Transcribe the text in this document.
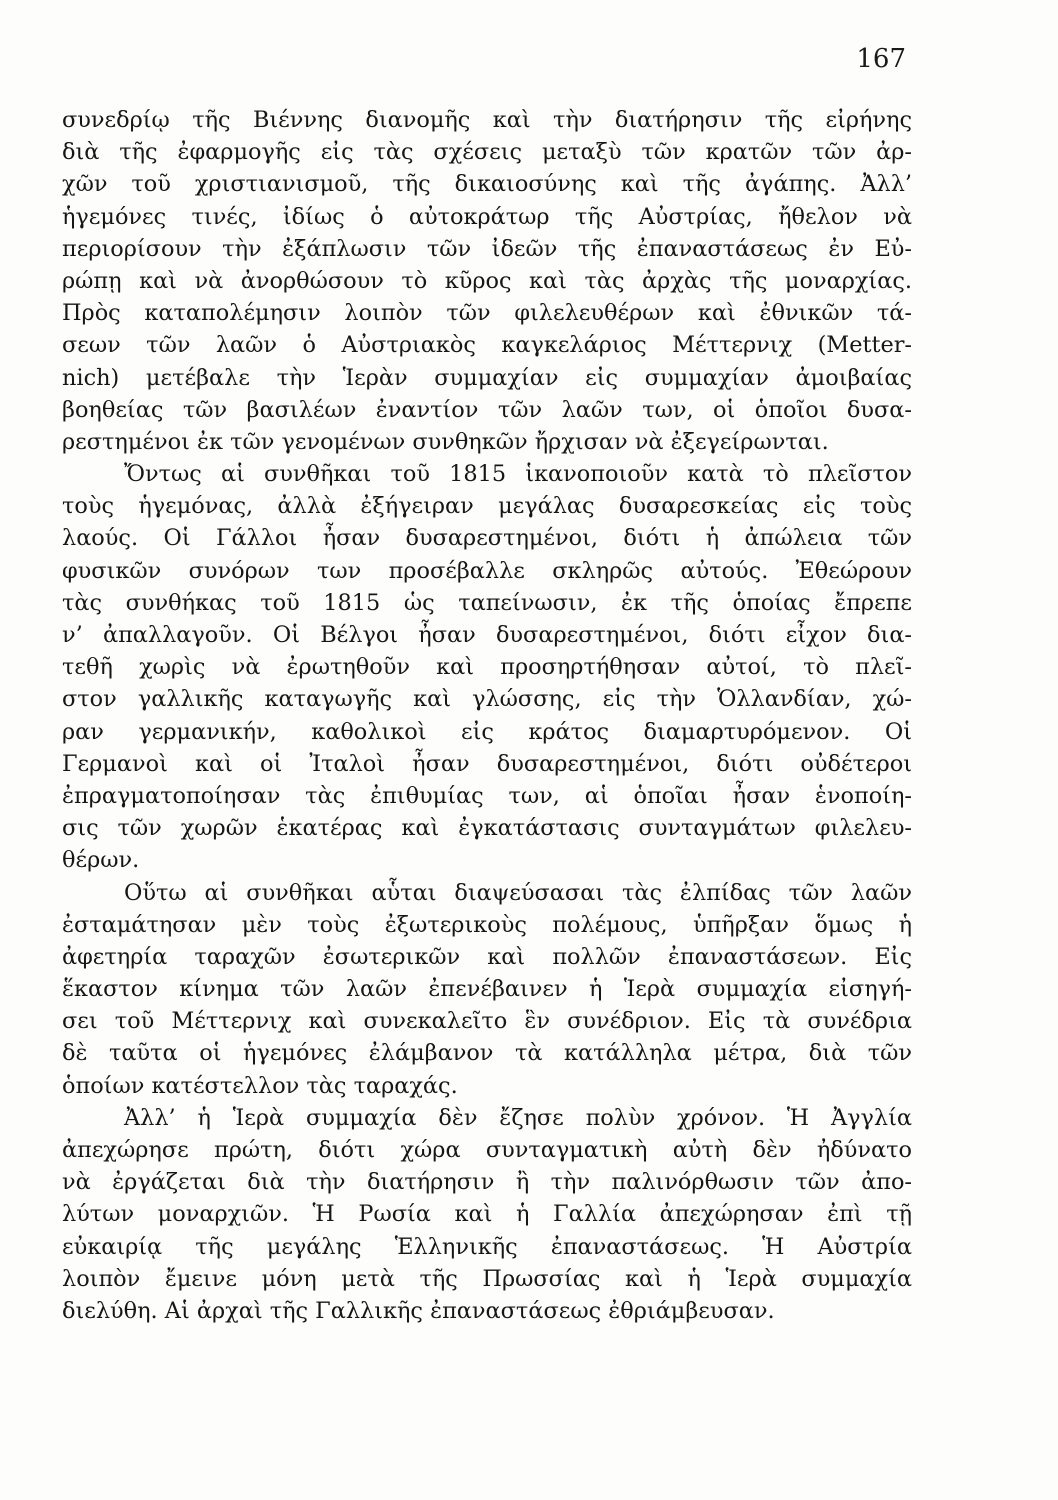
167
συνεδρίῳ τῆς Βιέννης διανομῆς καὶ τὴν διατήρησιν τῆς εἰρήνης
διὰ τῆς ἐφαρμογῆς εἰς τὰς σχέσεις μεταξὺ τῶν κρατῶν τῶν ἀρ-
χῶν τοῦ χριστιανισμοῦ, τῆς δικαιοσύνης καὶ τῆς ἀγάπης. Ἀλλ’
ἡγεμόνες τινές, ἰδίως ὁ αὐτοκράτωρ τῆς Αὐστρίας, ἤθελον νὰ
περιορίσουν τὴν ἐξάπλωσιν τῶν ἰδεῶν τῆς ἐπαναστάσεως ἐν Εὐ-
ρώπῃ καὶ νὰ ἀνορθώσουν τὸ κῦρος καὶ τὰς ἀρχὰς τῆς μοναρχίας.
Πρὸς καταπολέμησιν λοιπὸν τῶν φιλελευθέρων καὶ ἐθνικῶν τά-
σεων τῶν λαῶν ὁ Αὐστριακὸς καγκελάριος Μέττερνιχ (Metter-
nich) μετέβαλε τὴν Ἱερὰν συμμαχίαν εἰς συμμαχίαν ἀμοιβαίας
βοηθείας τῶν βασιλέων ἐναντίον τῶν λαῶν των, οἱ ὁποῖοι δυσα-
ρεστημένοι ἐκ τῶν γενομένων συνθηκῶν ἤρχισαν νὰ ἐξεγείρωνται.
Ὄντως αἱ συνθῆκαι τοῦ 1815 ἱκανοποιοῦν κατὰ τὸ πλεῖστον
τοὺς ἡγεμόνας, ἀλλὰ ἐξήγειραν μεγάλας δυσαρεσκείας εἰς τοὺς
λαούς. Οἱ Γάλλοι ἦσαν δυσαρεστημένοι, διότι ἡ ἀπώλεια τῶν
φυσικῶν συνόρων των προσέβαλλε σκληρῶς αὐτούς. Ἐθεώρουν
τὰς συνθήκας τοῦ 1815 ὡς ταπείνωσιν, ἐκ τῆς ὁποίας ἔπρεπε
ν’ ἀπαλλαγοῦν. Οἱ Βέλγοι ἦσαν δυσαρεστημένοι, διότι εἶχον δια-
τεθῆ χωρὶς νὰ ἐρωτηθοῦν καὶ προσηρτήθησαν αὐτοί, τὸ πλεῖ-
στον γαλλικῆς καταγωγῆς καὶ γλώσσης, εἰς τὴν Ὁλλανδίαν, χώ-
ραν γερμανικήν, καθολικοὶ εἰς κράτος διαμαρτυρόμενον. Οἱ
Γερμανοὶ καὶ οἱ Ἰταλοὶ ἦσαν δυσαρεστημένοι, διότι οὐδέτεροι
ἐπραγματοποίησαν τὰς ἐπιθυμίας των, αἱ ὁποῖαι ἦσαν ἑνοποίη-
σις τῶν χωρῶν ἑκατέρας καὶ ἐγκατάστασις συνταγμάτων φιλελευ-
θέρων.
Οὕτω αἱ συνθῆκαι αὗται διαψεύσασαι τὰς ἐλπίδας τῶν λαῶν
ἐσταμάτησαν μὲν τοὺς ἐξωτερικοὺς πολέμους, ὑπῆρξαν ὅμως ἡ
ἀφετηρία ταραχῶν ἐσωτερικῶν καὶ πολλῶν ἐπαναστάσεων. Εἰς
ἕκαστον κίνημα τῶν λαῶν ἐπενέβαινεν ἡ Ἱερὰ συμμαχία εἰσηγή-
σει τοῦ Μέττερνιχ καὶ συνεκαλεῖτο ἓν συνέδριον. Εἰς τὰ συνέδρια
δὲ ταῦτα οἱ ἡγεμόνες ἐλάμβανον τὰ κατάλληλα μέτρα, διὰ τῶν
ὁποίων κατέστελλον τὰς ταραχάς.
Ἀλλ’ ἡ Ἱερὰ συμμαχία δὲν ἔζησε πολὺν χρόνον. Ἡ Ἀγγλία
ἀπεχώρησε πρώτη, διότι χώρα συνταγματικὴ αὐτὴ δὲν ἠδύνατο
νὰ ἐργάζεται διὰ τὴν διατήρησιν ἢ τὴν παλινόρθωσιν τῶν ἀπο-
λύτων μοναρχιῶν. Ἡ Ρωσία καὶ ἡ Γαλλία ἀπεχώρησαν ἐπὶ τῇ
εὐκαιρίᾳ τῆς μεγάλης Ἑλληνικῆς ἐπαναστάσεως. Ἡ Αὐστρία
λοιπὸν ἔμεινε μόνη μετὰ τῆς Πρωσσίας καὶ ἡ Ἱερὰ συμμαχία
διελύθη. Αἱ ἀρχαὶ τῆς Γαλλικῆς ἐπαναστάσεως ἐθριάμβευσαν.
